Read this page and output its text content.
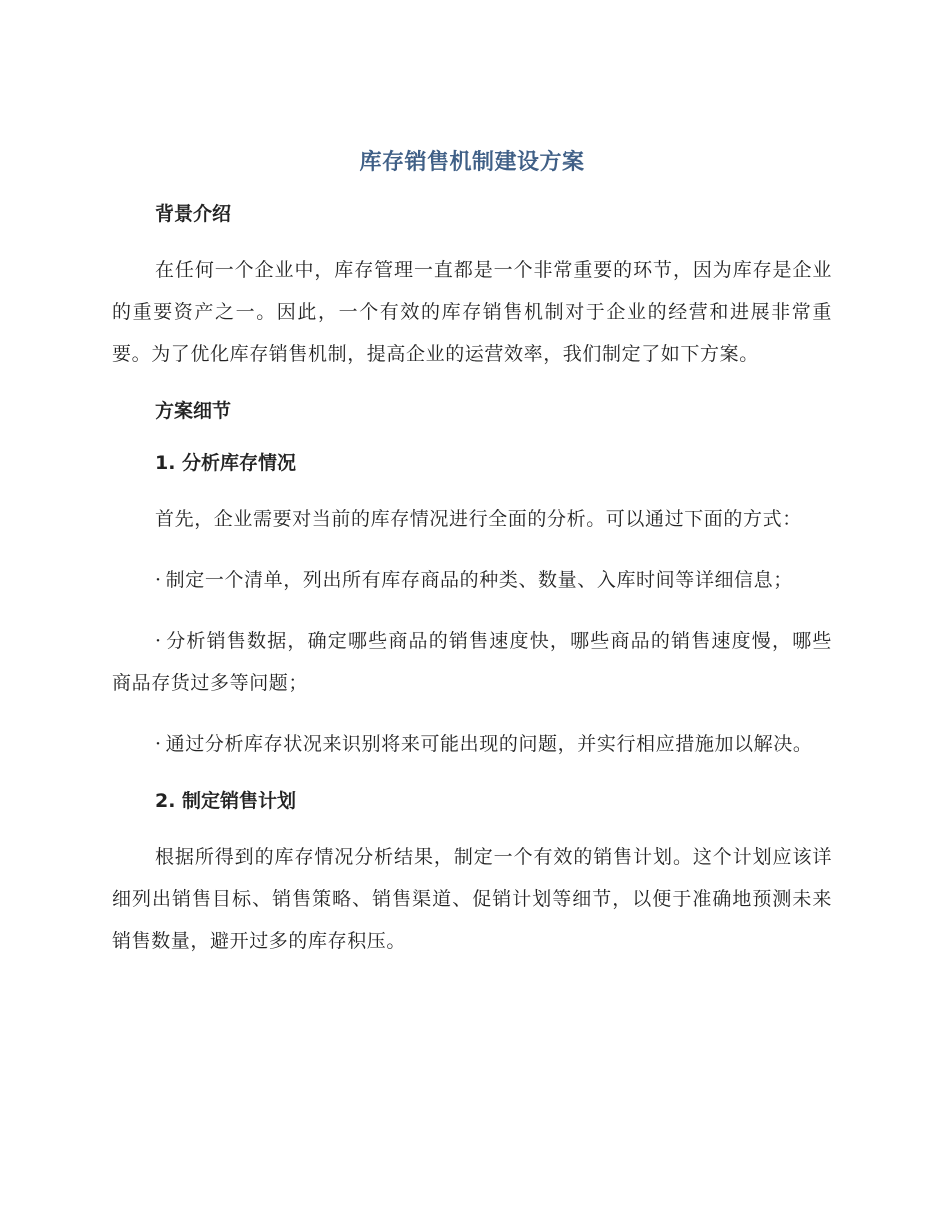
库存销售机制建设方案
背景介绍

在任何一个企业中，库存管理一直都是一个非常重要的环节，因为库存是企业的重要资产之一。因此，一个有效的库存销售机制对于企业的经营和进展非常重要。为了优化库存销售机制，提高企业的运营效率，我们制定了如下方案。

方案细节
1. 分析库存情况

首先，企业需要对当前的库存情况进行全面的分析。可以通过下面的方式：

· 制定一个清单，列出所有库存商品的种类、数量、入库时间等详细信息；

· 分析销售数据，确定哪些商品的销售速度快，哪些商品的销售速度慢，哪些商品存货过多等问题；

· 通过分析库存状况来识别将来可能出现的问题，并实行相应措施加以解决。

2. 制定销售计划

根据所得到的库存情况分析结果，制定一个有效的销售计划。这个计划应该详细列出销售目标、销售策略、销售渠道、促销计划等细节，以便于准确地预测未来销售数量，避开过多的库存积压。
